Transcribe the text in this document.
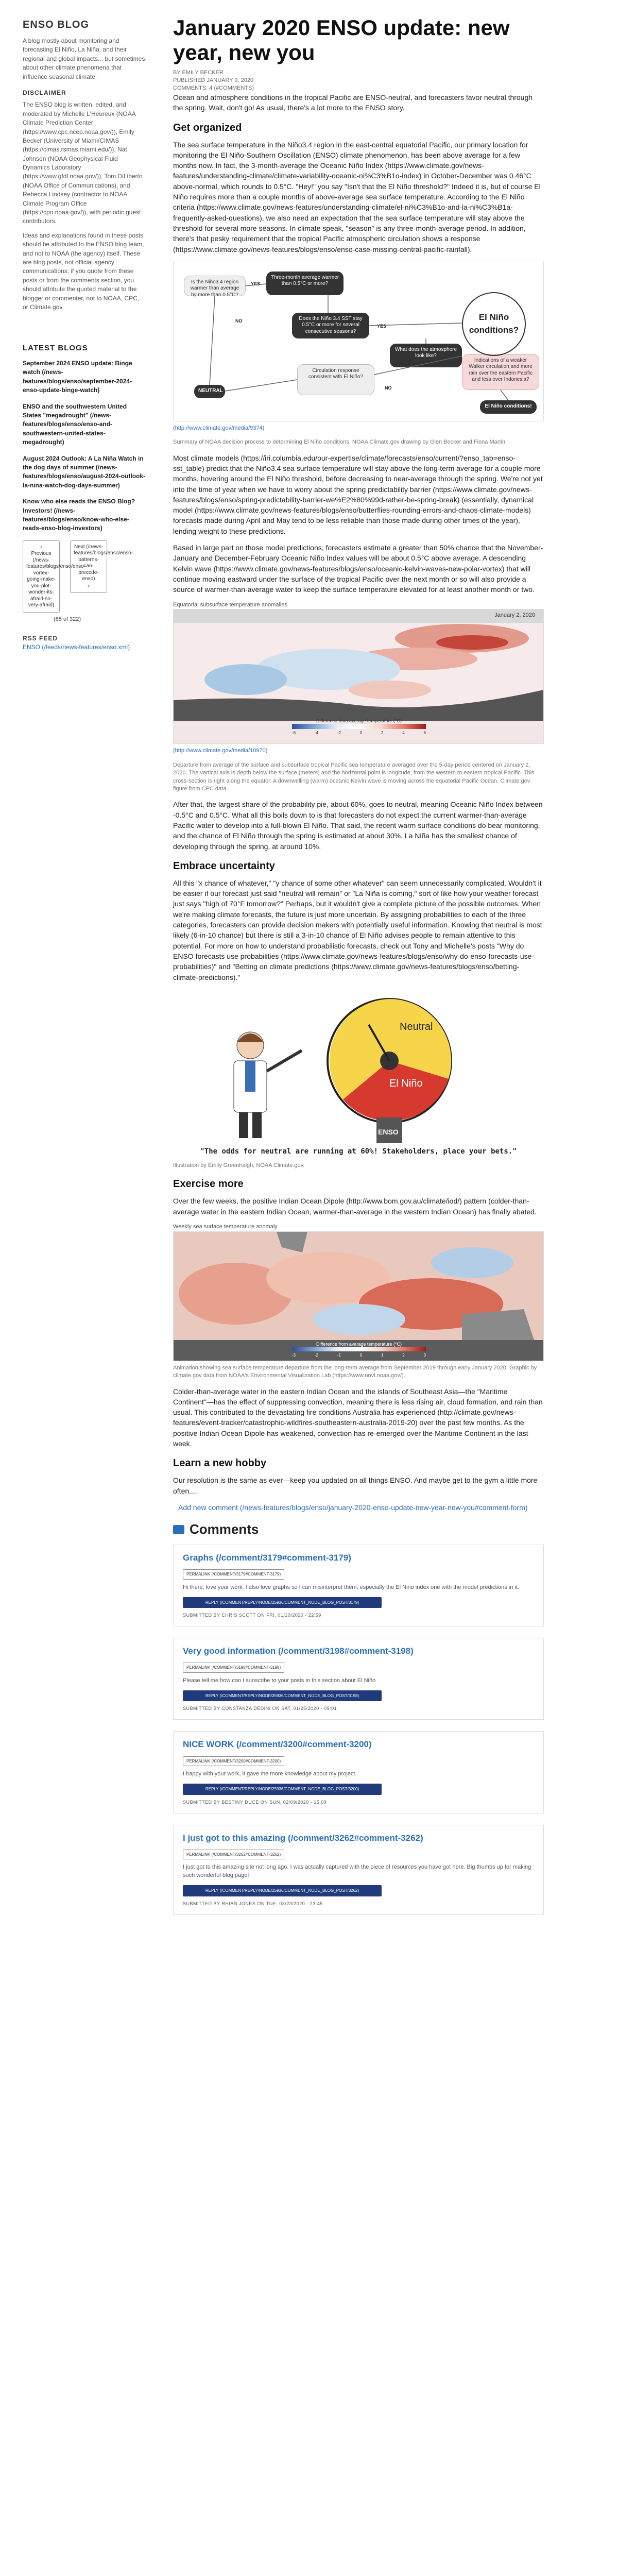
ENSO BLOG

A blog mostly about monitoring and forecasting El Niño, La Niña, and their regional and global impacts... but sometimes about other climate phenomena that influence seasonal climate.

DISCLAIMER

The ENSO blog is written, edited, and moderated by Michelle L'Heureux (NOAA Climate Prediction Center (https://www.cpc.ncep.noaa.gov/)), Emily Becker (University of Miami/CIMAS (https://cimas.rsmas.miami.edu/)), Nat Johnson (NOAA Geophysical Fluid Dynamics Laboratory (https://www.gfdl.noaa.gov/)), Tom DiLiberto (NOAA Office of Communications), and Rebecca Lindsey (contractor to NOAA Climate Program Office (https://cpo.noaa.gov/)), with periodic guest contributors.

Ideas and explanations found in these posts should be attributed to the ENSO blog team, and not to NOAA (the agency) itself. These are blog posts, not official agency communications; if you quote from these posts or from the comments section, you should attribute the quoted material to the blogger or commenter, not to NOAA, CPC, or Climate.gov.

LATEST BLOGS
September 2024 ENSO update: Binge watch (/news-features/blogs/enso/september-2024-enso-update-binge-watch)
ENSO and the southwestern United States "megadrought" (/news-features/blogs/enso/enso-and-southwestern-united-states-megadrought)
August 2024 Outlook: A La Niña Watch in the dog days of summer (/news-features/blogs/enso/august-2024-outlook-la-nina-watch-dog-days-summer)
Know who else reads the ENSO Blog? Investors! (/news-features/blogs/enso/know-who-else-reads-enso-blog-investors)
‹
Previous (/news-features/blogs/enso/enso-vortex-going-make-you-plot-wonder-its-afraid-so-very-afraid)
Next (/news-features/blogs/enso/enso-patterns-can-precede-enso)
›
(65 of 322)
RSS FEED
ENSO (/feeds/news-features/enso.xml)
January 2020 ENSO update: new year, new you
BY EMILY BECKER
PUBLISHED JANUARY 9, 2020
COMMENTS: 4 (#COMMENTS)

Ocean and atmosphere conditions in the tropical Pacific are ENSO-neutral, and forecasters favor neutral through the spring. Wait, don't go! As usual, there's a lot more to the ENSO story.

Get organized

The sea surface temperature in the Niño3.4 region in the east-central equatorial Pacific, our primary location for monitoring the El Niño-Southern Oscillation (ENSO) climate phenomenon, has been above average for a few months now. In fact, the 3-month-average the Oceanic Niño Index (https://www.climate.gov/news-features/understanding-climate/climate-variability-oceanic-ni%C3%B1o-index) in October-December was 0.46°C above-normal, which rounds to 0.5°C. "Hey!" you say "Isn't that the El Niño threshold?" Indeed it is, but of course El Niño requires more than a couple months of above-average sea surface temperature. According to the El Niño criteria (https://www.climate.gov/news-features/understanding-climate/el-ni%C3%B1o-and-la-ni%C3%B1a-frequently-asked-questions), we also need an expectation that the sea surface temperature will stay above the threshold for several more seasons. In climate speak, "season" is any three-month-average period. In addition, there's that pesky requirement that the tropical Pacific atmospheric circulation shows a response (https://www.climate.gov/news-features/blogs/enso/enso-case-missing-central-pacific-rainfall).

Is the Niño3.4 region warmer than average by more than 0.5°C?
Three-month average warmer than 0.5°C or more?
Does the Niño 3.4 SST stay 0.5°C or more for several consecutive seasons?
What does the atmosphere look like?
Circulation response consistent with El Niño?
Indications of a weaker Walker circulation and more rain over the eastern Pacific and less over Indonesia?
El Niño conditions?
NEUTRAL
El Niño conditions!
YES
YES
NO
NO
(http://www.climate.gov/media/9374)
Summary of NOAA decision process to determining El Niño conditions. NOAA Climate.gov drawing by Glen Becker and Fiona Martin.

Most climate models (https://iri.columbia.edu/our-expertise/climate/forecasts/enso/current/?enso_tab=enso-sst_table) predict that the Niño3.4 sea surface temperature will stay above the long-term average for a couple more months, hovering around the El Niño threshold, before decreasing to near-average through the spring. We're not yet into the time of year when we have to worry about the spring predictability barrier (https://www.climate.gov/news-features/blogs/enso/spring-predictability-barrier-we%E2%80%99d-rather-be-spring-break) (essentially, dynamical model (https://www.climate.gov/news-features/blogs/enso/butterflies-rounding-errors-and-chaos-climate-models) forecasts made during April and May tend to be less reliable than those made during other times of the year), lending weight to these predictions.

Based in large part on those model predictions, forecasters estimate a greater than 50% chance that the November-January and December-February Oceanic Niño Index values will be about 0.5°C above average. A descending Kelvin wave (https://www.climate.gov/news-features/blogs/enso/oceanic-kelvin-waves-new-polar-vortex) that will continue moving eastward under the surface of the tropical Pacific over the next month or so will also provide a source of warmer-than-average water to keep the surface temperature elevated for at least another month or two.

Equatorial subsurface temperature anomalies
January 2, 2020
Difference from average temperature (°C)
-6	-4	-2	0	2	4	6
(http://www.climate.gov/media/10970)
Departure from average of the surface and subsurface tropical Pacific sea temperature averaged over the 5-day period centered on January 2, 2020. The vertical axis is depth below the surface (meters) and the horizontal point is longitude, from the western to eastern tropical Pacific. This cross-section is right along the equator. A downwelling (warm) oceanic Kelvin wave is moving across the equatorial Pacific Ocean. Climate.gov figure from CPC data.

After that, the largest share of the probability pie, about 60%, goes to neutral, meaning Oceanic Niño Index between -0.5°C and 0.5°C. What all this boils down to is that forecasters do not expect the current warmer-than-average Pacific water to develop into a full-blown El Niño. That said, the recent warm surface conditions do bear monitoring, and the chance of El Niño through the spring is estimated at about 30%. La Niña has the smallest chance of developing through the spring, at around 10%.

Embrace uncertainty

All this "x chance of whatever," "y chance of some other whatever" can seem unnecessarily complicated. Wouldn't it be easier if our forecast just said "neutral will remain" or "La Niña is coming," sort of like how your weather forecast just says "high of 70°F tomorrow?" Perhaps, but it wouldn't give a complete picture of the possible outcomes. When we're making climate forecasts, the future is just more uncertain. By assigning probabilities to each of the three categories, forecasters can provide decision makers with potentially useful information. Knowing that neutral is most likely (6-in-10 chance) but there is still a 3-in-10 chance of El Niño advises people to remain attentive to this potential. For more on how to understand probabilistic forecasts, check out Tony and Michelle's posts "Why do ENSO forecasts use probabilities (https://www.climate.gov/news-features/blogs/enso/why-do-enso-forecasts-use-probabilities)" and "Betting on climate predictions (https://www.climate.gov/news-features/blogs/enso/betting-climate-predictions)."

Neutral
El Niño
ENSO
"The odds for neutral are running at 60%! Stakeholders, place your bets."
Illustration by Emily Greenhalgh, NOAA Climate.gov.
Exercise more

Over the few weeks, the positive Indian Ocean Dipole (http://www.bom.gov.au/climate/iod/) pattern (colder-than-average water in the eastern Indian Ocean, warmer-than-average in the western Indian Ocean) has finally abated.

Weekly sea surface temperature anomaly
Difference from average temperature (°C)
-3	-2	-1	0	1	2	3
Animation showing sea surface temperature departure from the long-term average from September 2019 through early January 2020. Graphic by climate.gov data from NOAA's Environmental Visualization Lab (https://www.nnvl.noaa.gov/).

Colder-than-average water in the eastern Indian Ocean and the islands of Southeast Asia—the "Maritime Continent"—has the effect of suppressing convection, meaning there is less rising air, cloud formation, and rain than usual. This contributed to the devastating fire conditions Australia has experienced (http://climate.gov/news-features/event-tracker/catastrophic-wildfires-southeastern-australia-2019-20) over the past few months. As the positive Indian Ocean Dipole has weakened, convection has re-emerged over the Maritime Continent in the last week.

Learn a new hobby

Our resolution is the same as ever—keep you updated on all things ENSO. And maybe get to the gym a little more often....

Add new comment (/news-features/blogs/enso/january-2020-enso-update-new-year-new-you#comment-form)

Comments
Graphs (/comment/3179#comment-3179)
PERMALINK (/COMMENT/3179#COMMENT-3179)
Hi there, love your work. I also love graphs so I can misinterpret them, especially the El Nino index one with the model predictions in it.
REPLY (/COMMENT/REPLY/NODE/25936/COMMENT_NODE_BLOG_POST/3179)
SUBMITTED BY CHRIS SCOTT ON FRI, 01/10/2020 - 22:59
Very good information (/comment/3198#comment-3198)
PERMALINK (/COMMENT/3198#COMMENT-3198)
Please tell me how can I sunscribe to your posts in this section about El Niño
REPLY (/COMMENT/REPLY/NODE/25936/COMMENT_NODE_BLOG_POST/3198)
SUBMITTED BY CONSTANZA DEDINI ON SAT, 01/25/2020 - 09:01
NICE WORK (/comment/3200#comment-3200)
PERMALINK (/COMMENT/3200#COMMENT-3200)
I happy with your work, it gave me more knowledge about my project.
REPLY (/COMMENT/REPLY/NODE/25936/COMMENT_NODE_BLOG_POST/3200)
SUBMITTED BY BESTINY DUCE ON SUN, 02/09/2020 - 15:09
I just got to this amazing (/comment/3262#comment-3262)
PERMALINK (/COMMENT/3262#COMMENT-3262)
I just got to this amazing site not long ago. I was actually captured with the piece of resources you have got here. Big thumbs up for making such wonderful blog page!
REPLY (/COMMENT/REPLY/NODE/25936/COMMENT_NODE_BLOG_POST/3262)
SUBMITTED BY RHIAN JONES ON TUE, 03/23/2020 - 23:45
